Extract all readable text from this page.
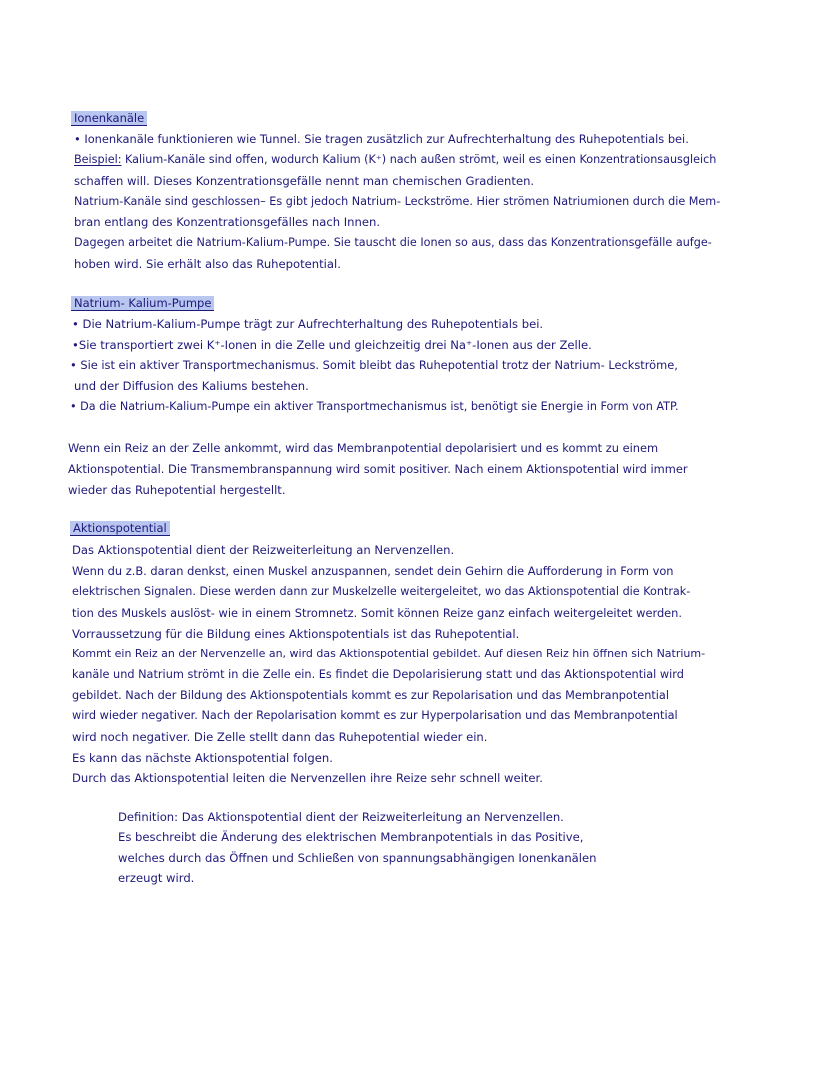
Ionenkanäle
• Ionenkanäle funktionieren wie Tunnel. Sie tragen zusätzlich zur Aufrechterhaltung des Ruhepotentials bei.
Beispiel: Kalium-Kanäle sind offen, wodurch Kalium (K⁺) nach außen strömt, weil es einen Konzentrationsausgleich
schaffen will. Dieses Konzentrationsgefälle nennt man chemischen Gradienten.
Natrium-Kanäle sind geschlossen– Es gibt jedoch Natrium- Leckströme. Hier strömen Natriumionen durch die Mem-
bran entlang des Konzentrationsgefälles nach Innen.
Dagegen arbeitet die Natrium-Kalium-Pumpe. Sie tauscht die Ionen so aus, dass das Konzentrationsgefälle aufge-
hoben wird. Sie erhält also das Ruhepotential.
Natrium- Kalium-Pumpe
• Die Natrium-Kalium-Pumpe trägt zur Aufrechterhaltung des Ruhepotentials bei.
•Sie transportiert zwei K⁺-Ionen in die Zelle und gleichzeitig drei Na⁺-Ionen aus der Zelle.
• Sie ist ein aktiver Transportmechanismus. Somit bleibt das Ruhepotential trotz der Natrium- Leckströme,
und der Diffusion des Kaliums bestehen.
• Da die Natrium-Kalium-Pumpe ein aktiver Transportmechanismus ist, benötigt sie Energie in Form von ATP.
Wenn ein Reiz an der Zelle ankommt, wird das Membranpotential depolarisiert und es kommt zu einem
Aktionspotential. Die Transmembranspannung wird somit positiver. Nach einem Aktionspotential wird immer
wieder das Ruhepotential hergestellt.
Aktionspotential
Das Aktionspotential dient der Reizweiterleitung an Nervenzellen.
Wenn du z.B. daran denkst, einen Muskel anzuspannen, sendet dein Gehirn die Aufforderung in Form von
elektrischen Signalen. Diese werden dann zur Muskelzelle weitergeleitet, wo das Aktionspotential die Kontrak-
tion des Muskels auslöst- wie in einem Stromnetz. Somit können Reize ganz einfach weitergeleitet werden.
Vorraussetzung für die Bildung eines Aktionspotentials ist das Ruhepotential.
Kommt ein Reiz an der Nervenzelle an, wird das Aktionspotential gebildet. Auf diesen Reiz hin öffnen sich Natrium-
kanäle und Natrium strömt in die Zelle ein. Es findet die Depolarisierung statt und das Aktionspotential wird
gebildet. Nach der Bildung des Aktionspotentials kommt es zur Repolarisation und das Membranpotential
wird wieder negativer. Nach der Repolarisation kommt es zur Hyperpolarisation und das Membranpotential
wird noch negativer. Die Zelle stellt dann das Ruhepotential wieder ein.
Es kann das nächste Aktionspotential folgen.
Durch das Aktionspotential leiten die Nervenzellen ihre Reize sehr schnell weiter.
Definition: Das Aktionspotential dient der Reizweiterleitung an Nervenzellen.
Es beschreibt die Änderung des elektrischen Membranpotentials in das Positive,
welches durch das Öffnen und Schließen von spannungsabhängigen Ionenkanälen
erzeugt wird.
